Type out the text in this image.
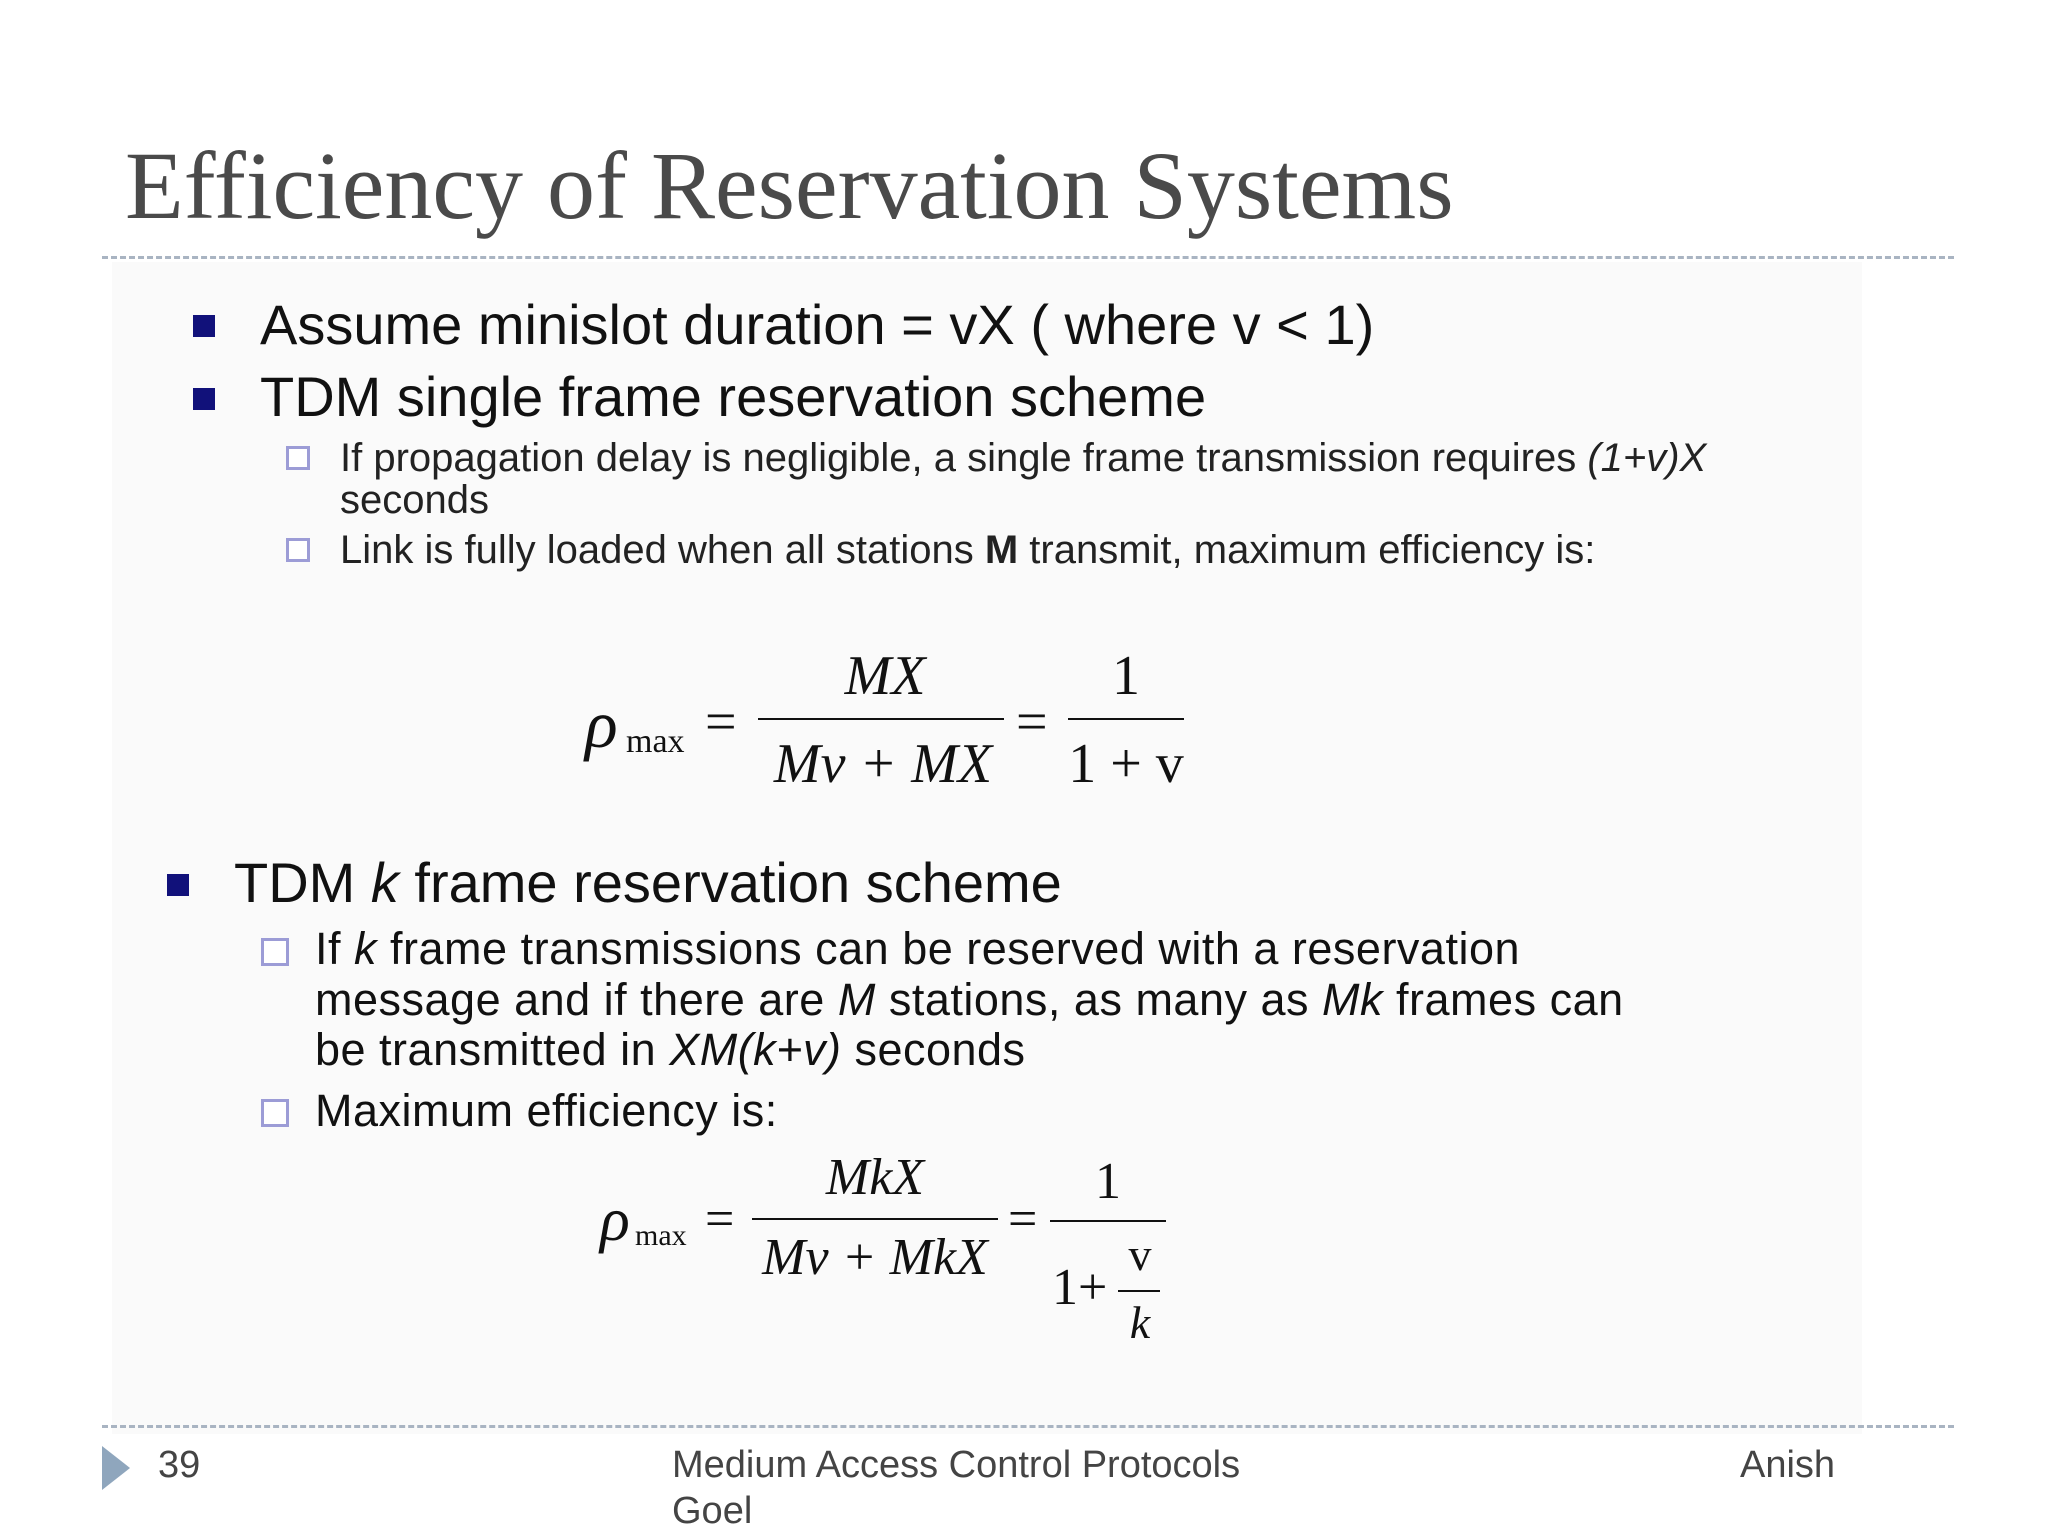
Efficiency of Reservation Systems
Assume minislot duration = vX ( where v < 1)
TDM single frame reservation scheme
If propagation delay is negligible, a single frame transmission requires (1+v)X
seconds
Link is fully loaded when all stations M transmit, maximum efficiency is:
ρ max =
MX
Mv + MX
=
1
1 + v
TDM k frame reservation scheme
If k frame transmissions can be reserved with a reservation
message and if there are M stations, as many as Mk frames can
be transmitted in XM(k+v) seconds
Maximum efficiency is:
ρ max =
MkX
Mv + MkX
=
1
1+
v
k
39	Medium Access Control Protocols
Goel
Anish
